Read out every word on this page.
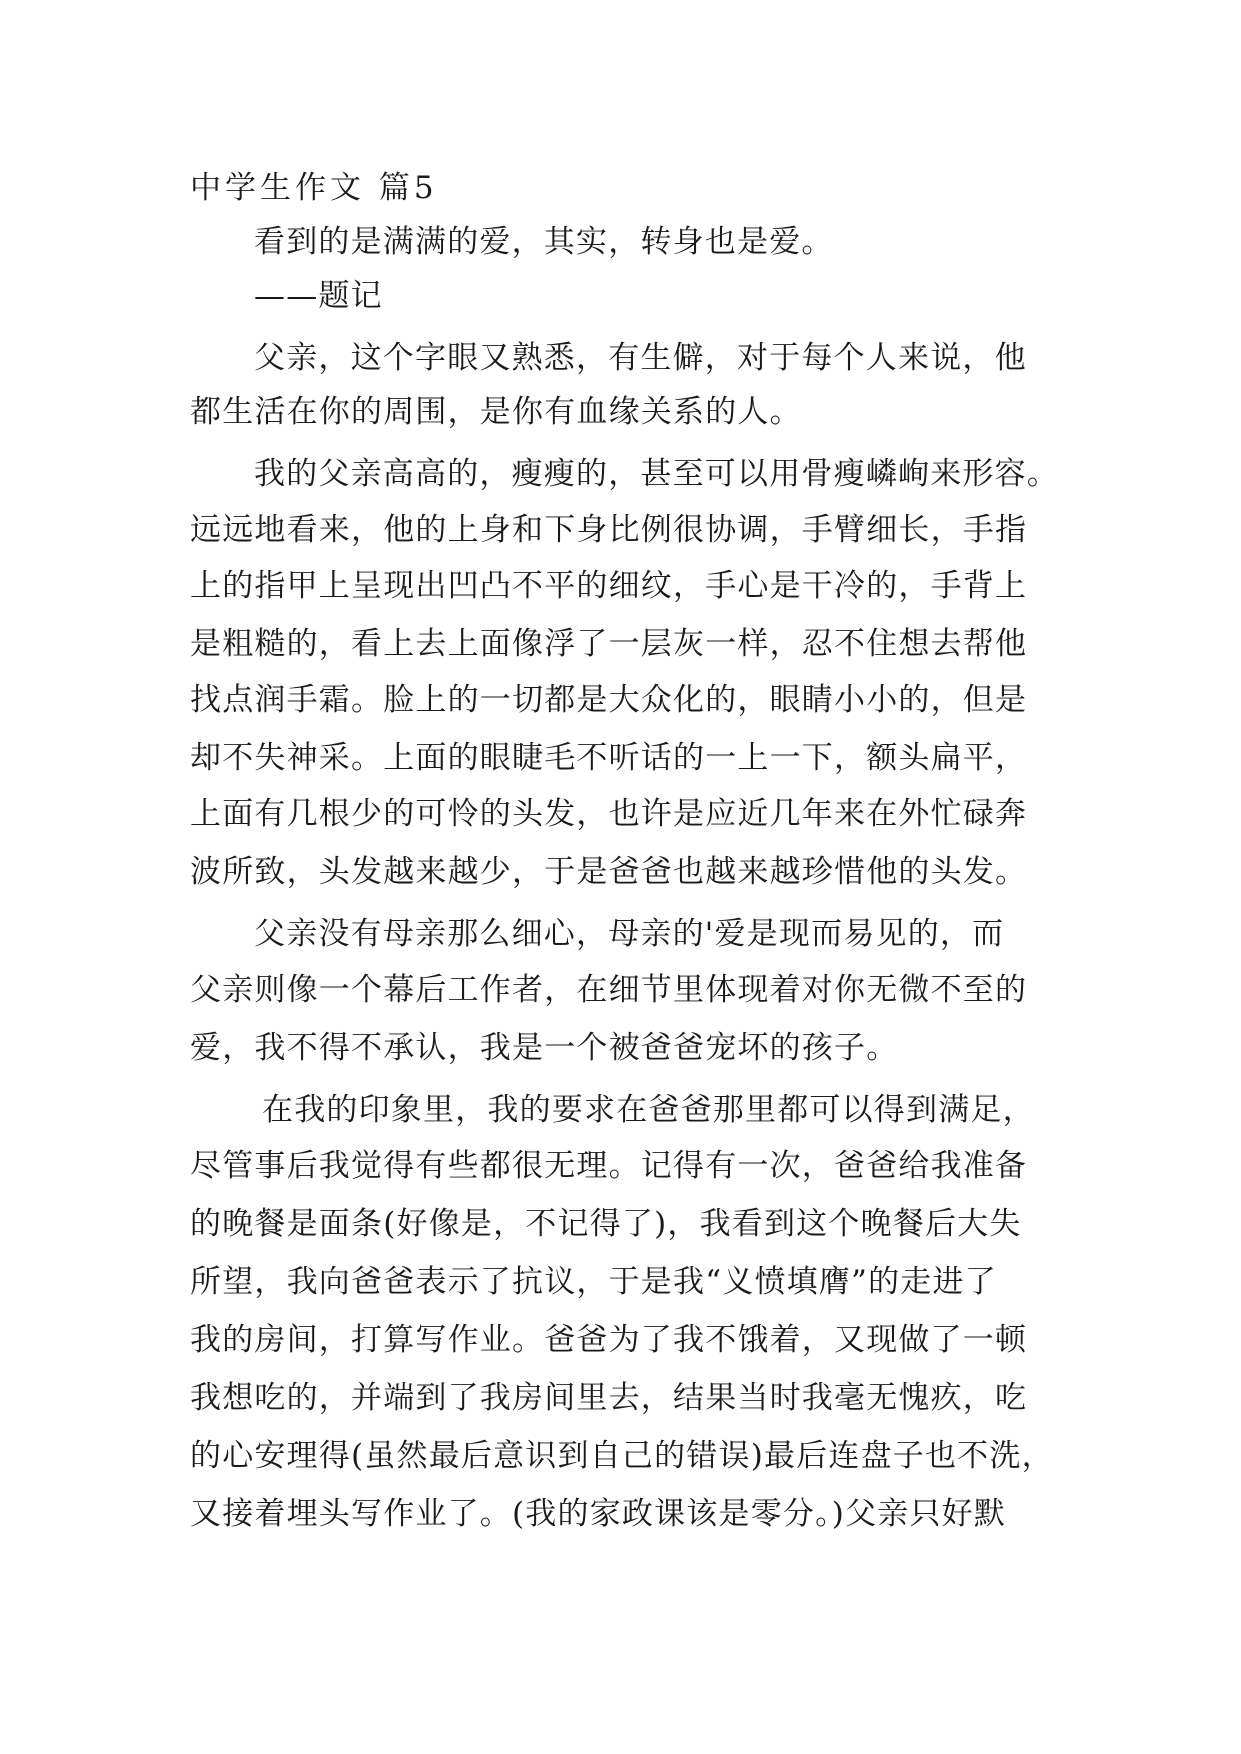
中学生作文 篇5
看到的是满满的爱，其实，转身也是爱。
——题记
父亲，这个字眼又熟悉，有生僻，对于每个人来说，他
都生活在你的周围，是你有血缘关系的人。
我的父亲高高的，瘦瘦的，甚至可以用骨瘦嶙峋来形容。
远远地看来，他的上身和下身比例很协调，手臂细长，手指
上的指甲上呈现出凹凸不平的细纹，手心是干冷的，手背上
是粗糙的，看上去上面像浮了一层灰一样，忍不住想去帮他
找点润手霜。脸上的一切都是大众化的，眼睛小小的，但是
却不失神采。上面的眼睫毛不听话的一上一下，额头扁平，
上面有几根少的可怜的头发，也许是应近几年来在外忙碌奔
波所致，头发越来越少，于是爸爸也越来越珍惜他的头发。
父亲没有母亲那么细心，母亲的'爱是现而易见的，而
父亲则像一个幕后工作者，在细节里体现着对你无微不至的
爱，我不得不承认，我是一个被爸爸宠坏的孩子。
在我的印象里，我的要求在爸爸那里都可以得到满足，
尽管事后我觉得有些都很无理。记得有一次，爸爸给我准备
的晚餐是面条(好像是，不记得了)，我看到这个晚餐后大失
所望，我向爸爸表示了抗议，于是我“义愤填膺”的走进了
我的房间，打算写作业。爸爸为了我不饿着，又现做了一顿
我想吃的，并端到了我房间里去，结果当时我毫无愧疚，吃
的心安理得(虽然最后意识到自己的错误)最后连盘子也不洗，
又接着埋头写作业了。(我的家政课该是零分。)父亲只好默
